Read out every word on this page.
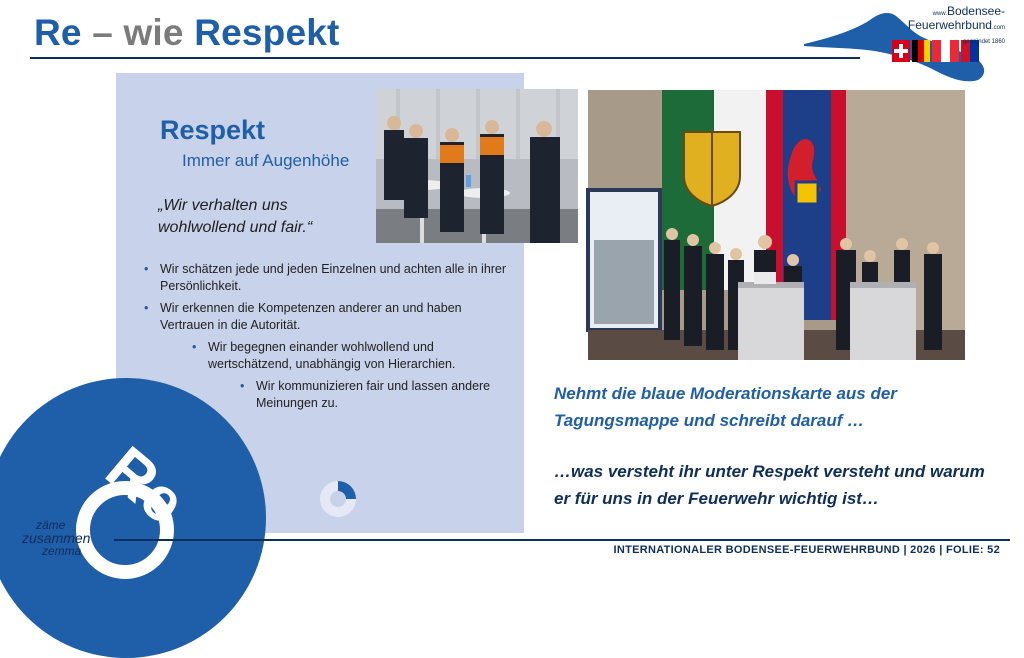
Re – wie Respekt	www.Bodensee-
Feuerwehrbund.com
gegründet 1860
Respekt
Immer auf Augenhöhe
„Wir verhalten uns wohlwollend und fair.“
• Wir schätzen jede und jeden Einzelnen und achten alle in ihrer Persönlichkeit.
• Wir erkennen die Kompetenzen anderer an und haben Vertrauen in die Autorität.
• Wir begegnen einander wohlwollend und wertschätzend, unabhängig von Hierarchien.
• Wir kommunizieren fair und lassen andere Meinungen zu.
Re
Nehmt die blaue Moderationskarte aus der Tagungsmappe und schreibt darauf …
…was versteht ihr unter Respekt versteht und warum er für uns in der Feuerwehr wichtig ist…
zäme
zusammen
zemma	INTERNATIONALER BODENSEE-FEUERWEHRBUND | 2026 | FOLIE: 52
